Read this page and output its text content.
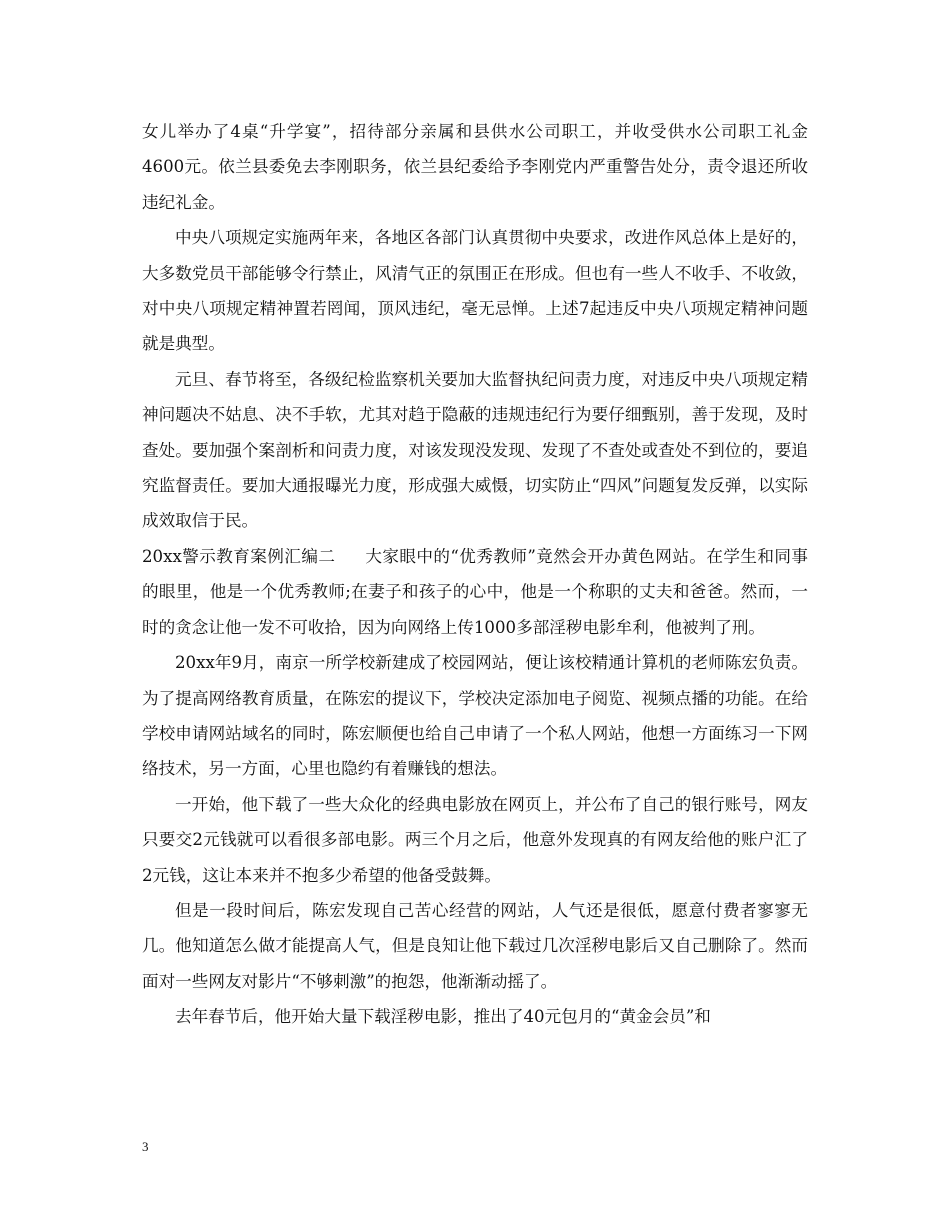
女儿举办了4桌“升学宴”，招待部分亲属和县供水公司职工，并收受供水公司职工礼金4600元。依兰县委免去李刚职务，依兰县纪委给予李刚党内严重警告处分，责令退还所收违纪礼金。

中央八项规定实施两年来，各地区各部门认真贯彻中央要求，改进作风总体上是好的，大多数党员干部能够令行禁止，风清气正的氛围正在形成。但也有一些人不收手、不收敛，对中央八项规定精神置若罔闻，顶风违纪，毫无忌惮。上述7起违反中央八项规定精神问题就是典型。

元旦、春节将至，各级纪检监察机关要加大监督执纪问责力度，对违反中央八项规定精神问题决不姑息、决不手软，尤其对趋于隐蔽的违规违纪行为要仔细甄别，善于发现，及时查处。要加强个案剖析和问责力度，对该发现没发现、发现了不查处或查处不到位的，要追究监督责任。要加大通报曝光力度，形成强大威慑，切实防止“四风”问题复发反弹，以实际成效取信于民。

20xx警示教育案例汇编二 大家眼中的“优秀教师”竟然会开办黄色网站。在学生和同事的眼里，他是一个优秀教师;在妻子和孩子的心中，他是一个称职的丈夫和爸爸。然而，一时的贪念让他一发不可收拾，因为向网络上传1000多部淫秽电影牟利，他被判了刑。

20xx年9月，南京一所学校新建成了校园网站，便让该校精通计算机的老师陈宏负责。为了提高网络教育质量，在陈宏的提议下，学校决定添加电子阅览、视频点播的功能。在给学校申请网站域名的同时，陈宏顺便也给自己申请了一个私人网站，他想一方面练习一下网络技术，另一方面，心里也隐约有着赚钱的想法。

一开始，他下载了一些大众化的经典电影放在网页上，并公布了自己的银行账号，网友只要交2元钱就可以看很多部电影。两三个月之后，他意外发现真的有网友给他的账户汇了2元钱，这让本来并不抱多少希望的他备受鼓舞。

但是一段时间后，陈宏发现自己苦心经营的网站，人气还是很低，愿意付费者寥寥无几。他知道怎么做才能提高人气，但是良知让他下载过几次淫秽电影后又自己删除了。然而面对一些网友对影片“不够刺激”的抱怨，他渐渐动摇了。

去年春节后，他开始大量下载淫秽电影，推出了40元包月的“黄金会员”和

3
